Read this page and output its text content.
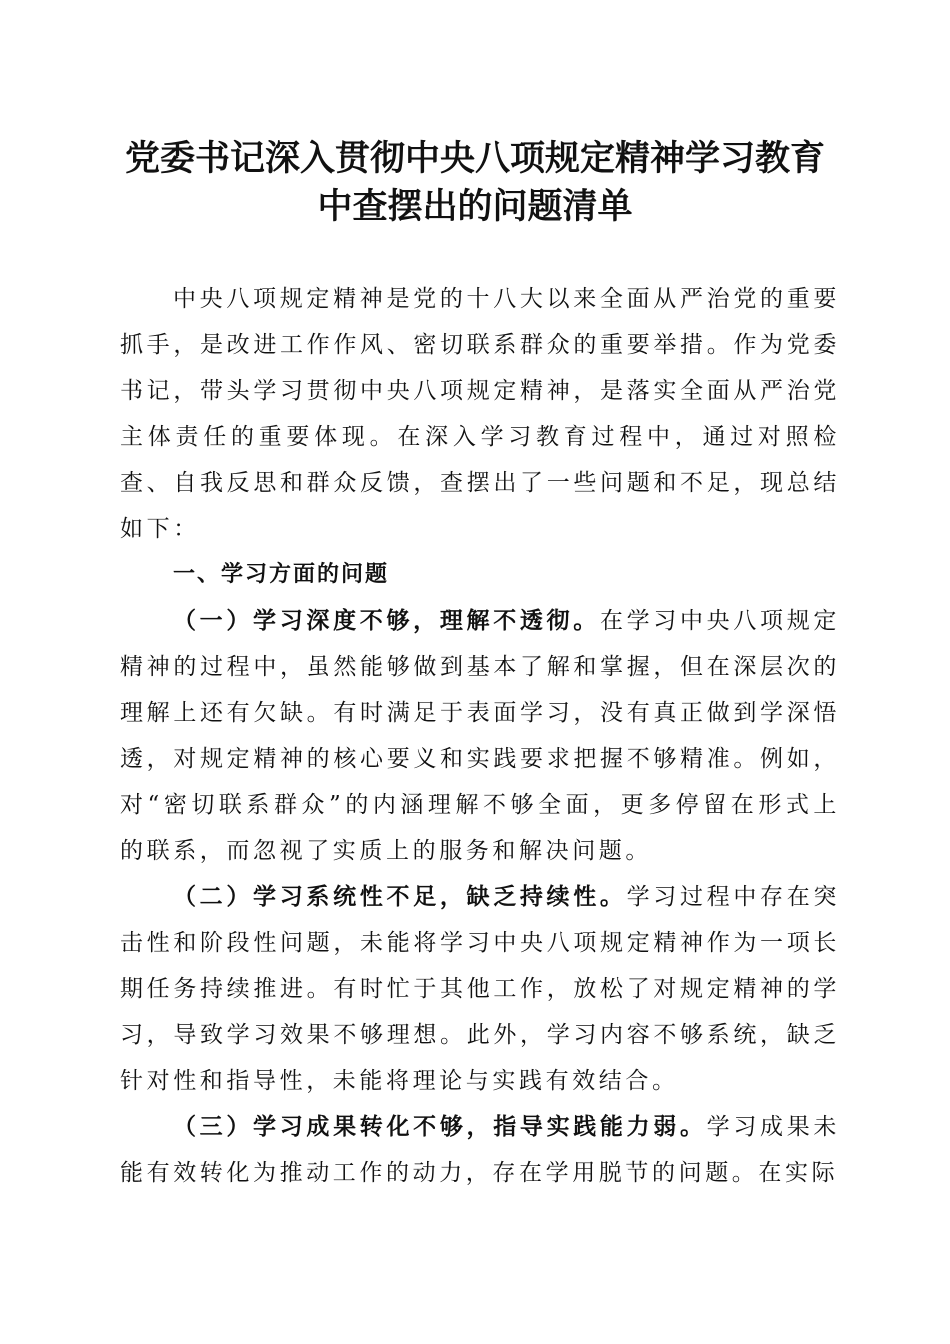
党委书记深入贯彻中央八项规定精神学习教育
中查摆出的问题清单

中央八项规定精神是党的十八大以来全面从严治党的重要抓手，是改进工作作风、密切联系群众的重要举措。作为党委书记，带头学习贯彻中央八项规定精神，是落实全面从严治党主体责任的重要体现。在深入学习教育过程中，通过对照检查、自我反思和群众反馈，查摆出了一些问题和不足，现总结如下：

一、学习方面的问题

（一）学习深度不够，理解不透彻。在学习中央八项规定精神的过程中，虽然能够做到基本了解和掌握，但在深层次的理解上还有欠缺。有时满足于表面学习，没有真正做到学深悟透，对规定精神的核心要义和实践要求把握不够精准。例如，对“密切联系群众”的内涵理解不够全面，更多停留在形式上的联系，而忽视了实质上的服务和解决问题。

（二）学习系统性不足，缺乏持续性。学习过程中存在突击性和阶段性问题，未能将学习中央八项规定精神作为一项长期任务持续推进。有时忙于其他工作，放松了对规定精神的学习，导致学习效果不够理想。此外，学习内容不够系统，缺乏针对性和指导性，未能将理论与实践有效结合。

（三）学习成果转化不够，指导实践能力弱。学习成果未能有效转化为推动工作的动力，存在学用脱节的问题。在实际
